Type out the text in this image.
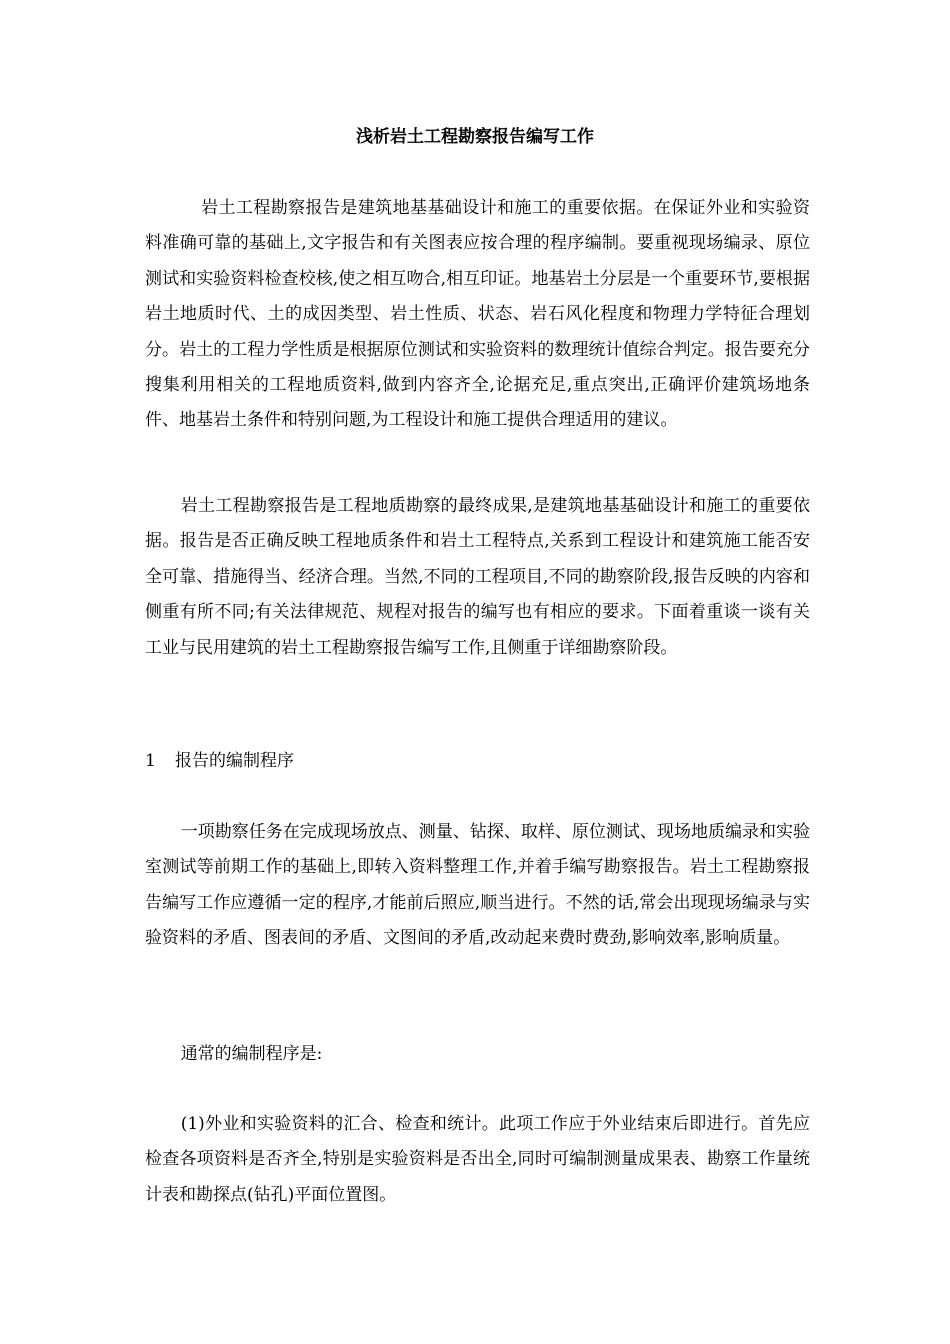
浅析岩土工程勘察报告编写工作

岩土工程勘察报告是建筑地基基础设计和施工的重要依据。在保证外业和实验资料准确可靠的基础上,文字报告和有关图表应按合理的程序编制。要重视现场编录、原位测试和实验资料检查校核,使之相互吻合,相互印证。地基岩土分层是一个重要环节,要根据岩土地质时代、土的成因类型、岩土性质、状态、岩石风化程度和物理力学特征合理划分。岩土的工程力学性质是根据原位测试和实验资料的数理统计值综合判定。报告要充分搜集利用相关的工程地质资料,做到内容齐全,论据充足,重点突出,正确评价建筑场地条件、地基岩土条件和特别问题,为工程设计和施工提供合理适用的建议。

岩土工程勘察报告是工程地质勘察的最终成果,是建筑地基基础设计和施工的重要依据。报告是否正确反映工程地质条件和岩土工程特点,关系到工程设计和建筑施工能否安全可靠、措施得当、经济合理。当然,不同的工程项目,不同的勘察阶段,报告反映的内容和侧重有所不同;有关法律规范、规程对报告的编写也有相应的要求。下面着重谈一谈有关工业与民用建筑的岩土工程勘察报告编写工作,且侧重于详细勘察阶段。

1 报告的编制程序

一项勘察任务在完成现场放点、测量、钻探、取样、原位测试、现场地质编录和实验室测试等前期工作的基础上,即转入资料整理工作,并着手编写勘察报告。岩土工程勘察报告编写工作应遵循一定的程序,才能前后照应,顺当进行。不然的话,常会出现现场编录与实验资料的矛盾、图表间的矛盾、文图间的矛盾,改动起来费时费劲,影响效率,影响质量。

通常的编制程序是:

(1)外业和实验资料的汇合、检查和统计。此项工作应于外业结束后即进行。首先应检查各项资料是否齐全,特别是实验资料是否出全,同时可编制测量成果表、勘察工作量统计表和勘探点(钻孔)平面位置图。
